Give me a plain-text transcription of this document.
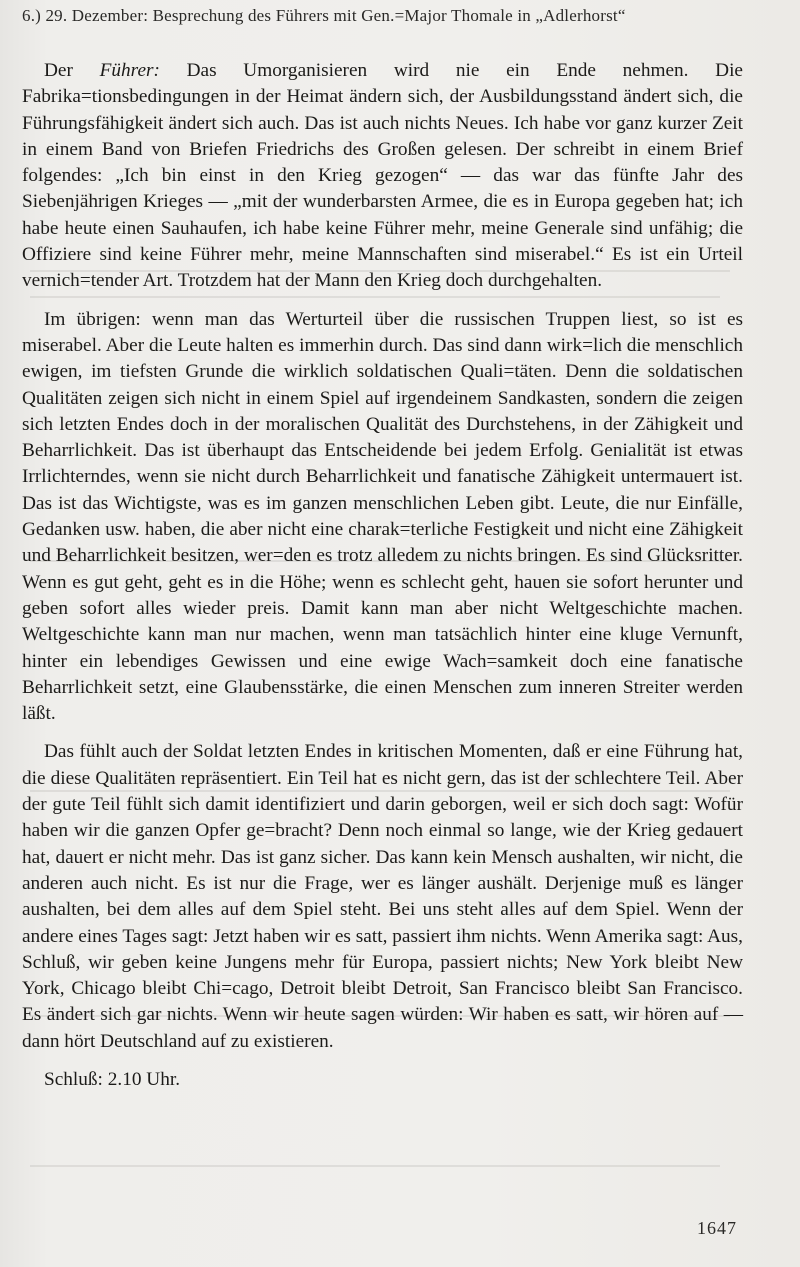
6.) 29. Dezember: Besprechung des Führers mit Gen.=Major Thomale in „Adlerhorst“

Der Führer: Das Umorganisieren wird nie ein Ende nehmen. Die Fabrika=tionsbedingungen in der Heimat ändern sich, der Ausbildungsstand ändert sich, die Führungsfähigkeit ändert sich auch. Das ist auch nichts Neues. Ich habe vor ganz kurzer Zeit in einem Band von Briefen Friedrichs des Großen gelesen. Der schreibt in einem Brief folgendes: „Ich bin einst in den Krieg gezogen“ — das war das fünfte Jahr des Siebenjährigen Krieges — „mit der wunderbarsten Armee, die es in Europa gegeben hat; ich habe heute einen Sauhaufen, ich habe keine Führer mehr, meine Generale sind unfähig; die Offiziere sind keine Führer mehr, meine Mannschaften sind miserabel.“ Es ist ein Urteil vernich=tender Art. Trotzdem hat der Mann den Krieg doch durchgehalten.

Im übrigen: wenn man das Werturteil über die russischen Truppen liest, so ist es miserabel. Aber die Leute halten es immerhin durch. Das sind dann wirk=lich die menschlich ewigen, im tiefsten Grunde die wirklich soldatischen Quali=täten. Denn die soldatischen Qualitäten zeigen sich nicht in einem Spiel auf irgendeinem Sandkasten, sondern die zeigen sich letzten Endes doch in der moralischen Qualität des Durchstehens, in der Zähigkeit und Beharrlichkeit. Das ist überhaupt das Entscheidende bei jedem Erfolg. Genialität ist etwas Irrlichterndes, wenn sie nicht durch Beharrlichkeit und fanatische Zähigkeit untermauert ist. Das ist das Wichtigste, was es im ganzen menschlichen Leben gibt. Leute, die nur Einfälle, Gedanken usw. haben, die aber nicht eine charak=terliche Festigkeit und nicht eine Zähigkeit und Beharrlichkeit besitzen, wer=den es trotz alledem zu nichts bringen. Es sind Glücksritter. Wenn es gut geht, geht es in die Höhe; wenn es schlecht geht, hauen sie sofort herunter und geben sofort alles wieder preis. Damit kann man aber nicht Weltgeschichte machen. Weltgeschichte kann man nur machen, wenn man tatsächlich hinter eine kluge Vernunft, hinter ein lebendiges Gewissen und eine ewige Wach=samkeit doch eine fanatische Beharrlichkeit setzt, eine Glaubensstärke, die einen Menschen zum inneren Streiter werden läßt.

Das fühlt auch der Soldat letzten Endes in kritischen Momenten, daß er eine Führung hat, die diese Qualitäten repräsentiert. Ein Teil hat es nicht gern, das ist der schlechtere Teil. Aber der gute Teil fühlt sich damit identifiziert und darin geborgen, weil er sich doch sagt: Wofür haben wir die ganzen Opfer ge=bracht? Denn noch einmal so lange, wie der Krieg gedauert hat, dauert er nicht mehr. Das ist ganz sicher. Das kann kein Mensch aushalten, wir nicht, die anderen auch nicht. Es ist nur die Frage, wer es länger aushält. Derjenige muß es länger aushalten, bei dem alles auf dem Spiel steht. Bei uns steht alles auf dem Spiel. Wenn der andere eines Tages sagt: Jetzt haben wir es satt, passiert ihm nichts. Wenn Amerika sagt: Aus, Schluß, wir geben keine Jungens mehr für Europa, passiert nichts; New York bleibt New York, Chicago bleibt Chi=cago, Detroit bleibt Detroit, San Francisco bleibt San Francisco. Es ändert sich gar nichts. Wenn wir heute sagen würden: Wir haben es satt, wir hören auf — dann hört Deutschland auf zu existieren.

Schluß: 2.10 Uhr.

1647
